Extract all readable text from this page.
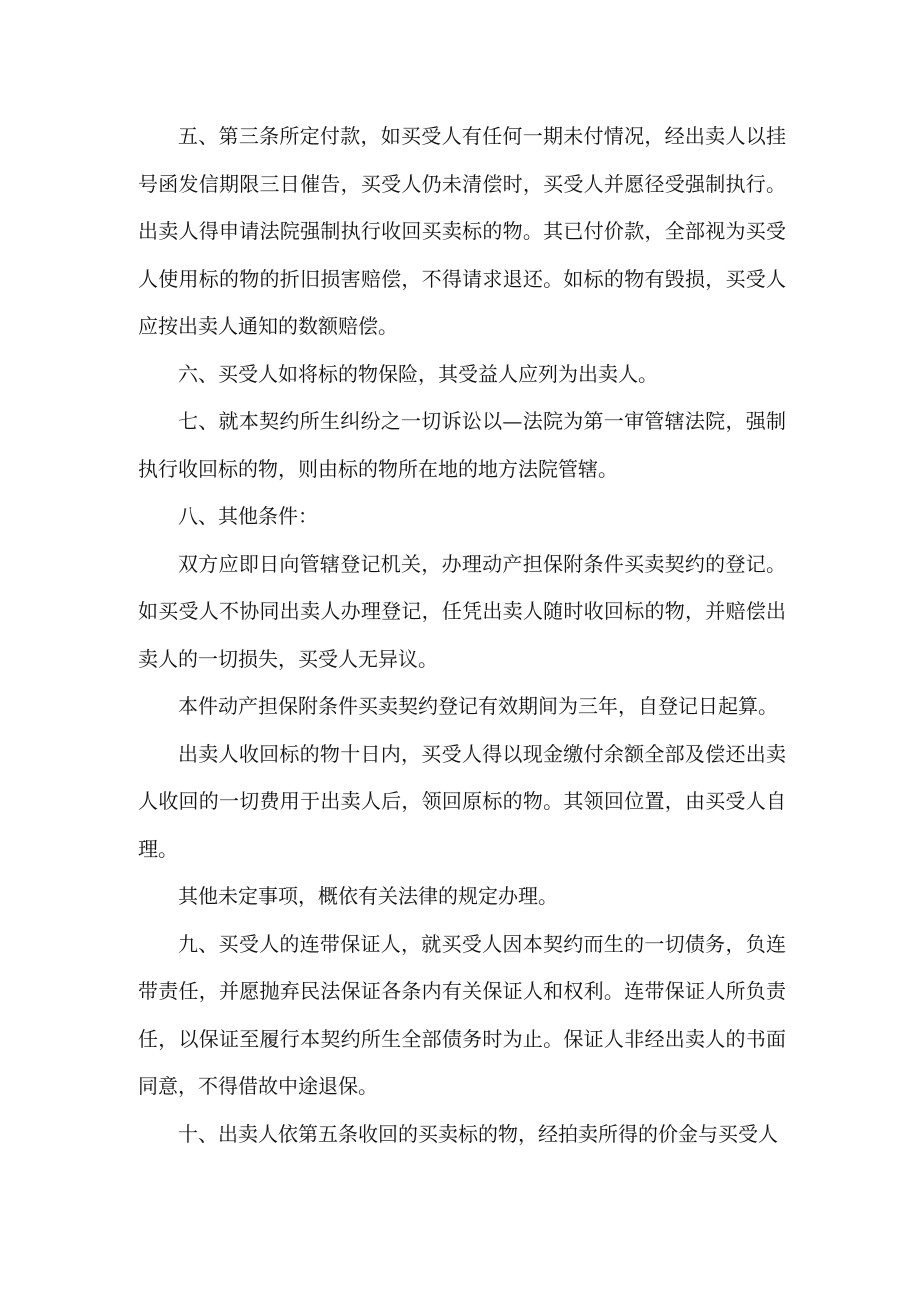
五、第三条所定付款，如买受人有任何一期未付情况，经出卖人以挂号函发信期限三日催告，买受人仍未清偿时，买受人并愿径受强制执行。出卖人得申请法院强制执行收回买卖标的物。其已付价款，全部视为买受人使用标的物的折旧损害赔偿，不得请求退还。如标的物有毁损，买受人应按出卖人通知的数额赔偿。

六、买受人如将标的物保险，其受益人应列为出卖人。

七、就本契约所生纠纷之一切诉讼以—法院为第一审管辖法院，强制执行收回标的物，则由标的物所在地的地方法院管辖。

八、其他条件：

双方应即日向管辖登记机关，办理动产担保附条件买卖契约的登记。如买受人不协同出卖人办理登记，任凭出卖人随时收回标的物，并赔偿出卖人的一切损失，买受人无异议。

本件动产担保附条件买卖契约登记有效期间为三年，自登记日起算。

出卖人收回标的物十日内，买受人得以现金缴付余额全部及偿还出卖人收回的一切费用于出卖人后，领回原标的物。其领回位置，由买受人自理。

其他未定事项，概依有关法律的规定办理。

九、买受人的连带保证人，就买受人因本契约而生的一切债务，负连带责任，并愿抛弃民法保证各条内有关保证人和权利。连带保证人所负责任，以保证至履行本契约所生全部债务时为止。保证人非经出卖人的书面同意，不得借故中途退保。

十、出卖人依第五条收回的买卖标的物，经拍卖所得的价金与买受人
